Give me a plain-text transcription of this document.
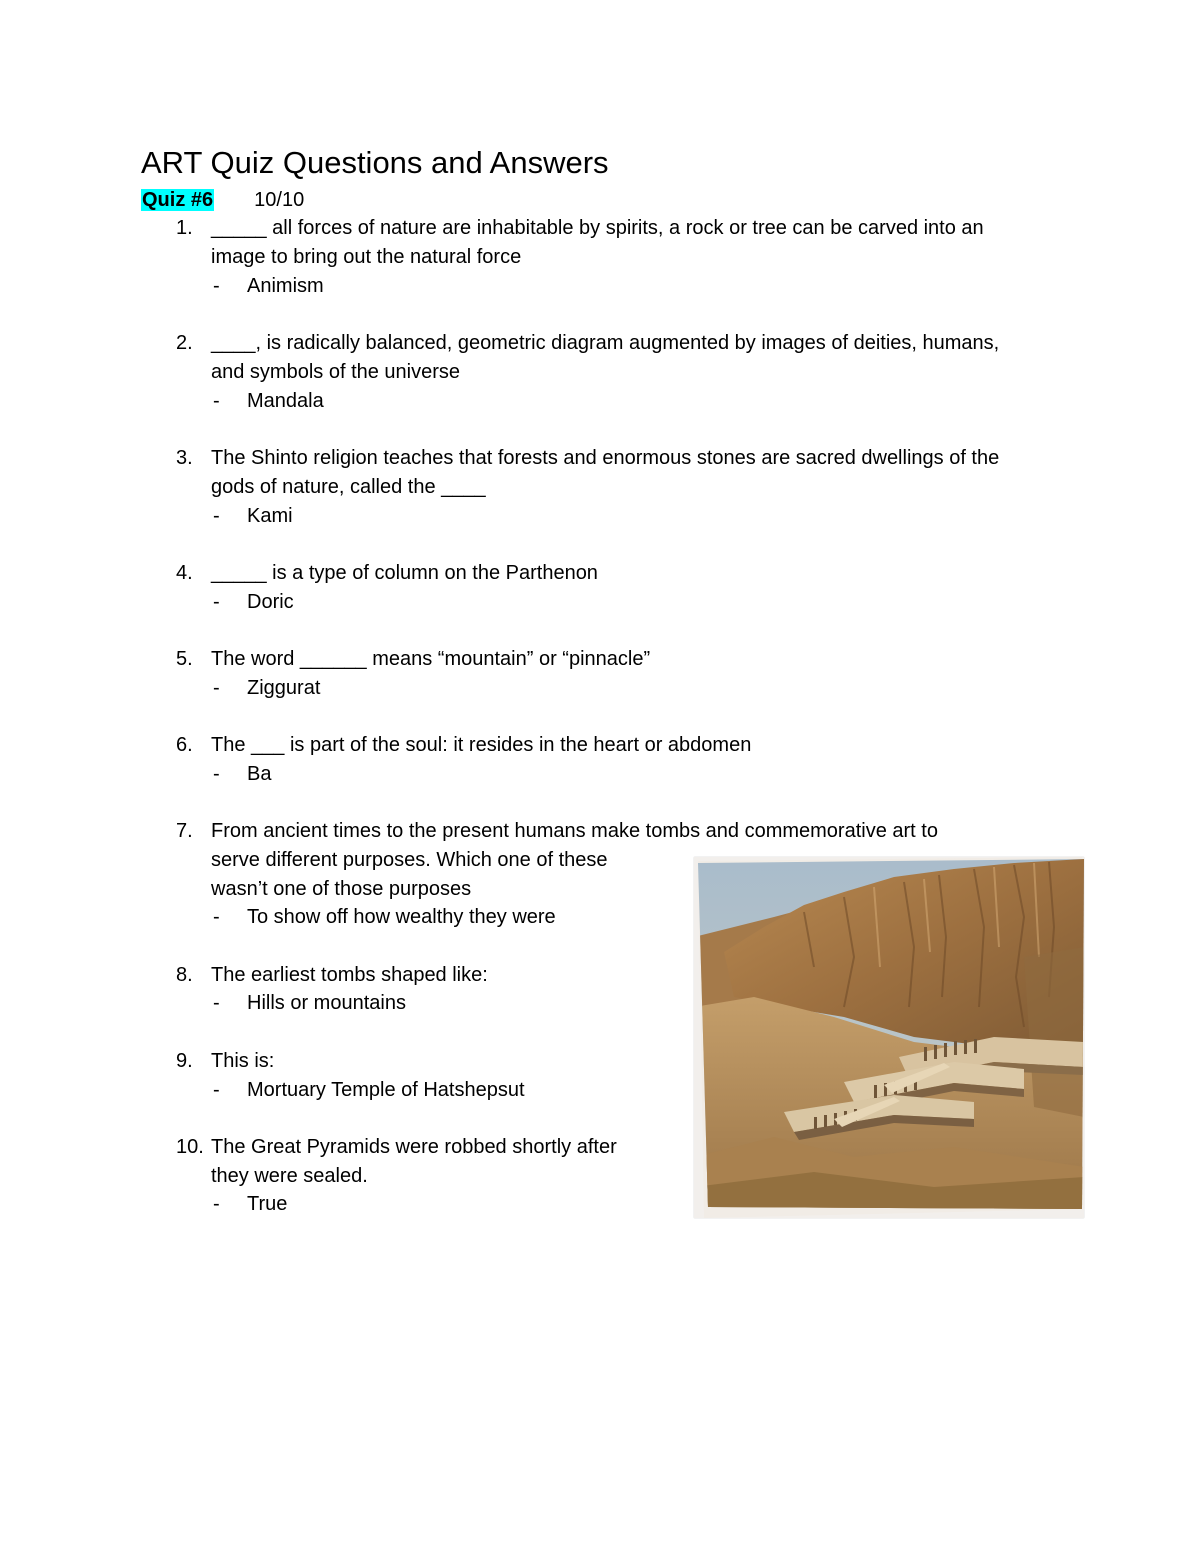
ART Quiz Questions and Answers
Quiz #6 10/10
1. _____ all forces of nature are inhabitable by spirits, a rock or tree can be carved into an
image to bring out the natural force
- Animism
2. ____, is radically balanced, geometric diagram augmented by images of deities, humans,
and symbols of the universe
- Mandala
3. The Shinto religion teaches that forests and enormous stones are sacred dwellings of the
gods of nature, called the ____
- Kami
4. _____ is a type of column on the Parthenon
- Doric
5. The word ______ means “mountain” or “pinnacle”
- Ziggurat
6. The ___ is part of the soul: it resides in the heart or abdomen
- Ba
7. From ancient times to the present humans make tombs and commemorative art to
serve different purposes. Which one of these
wasn’t one of those purposes
- To show off how wealthy they were
8. The earliest tombs shaped like:
- Hills or mountains
9. This is:
- Mortuary Temple of Hatshepsut
10. The Great Pyramids were robbed shortly after
they were sealed.
- True
